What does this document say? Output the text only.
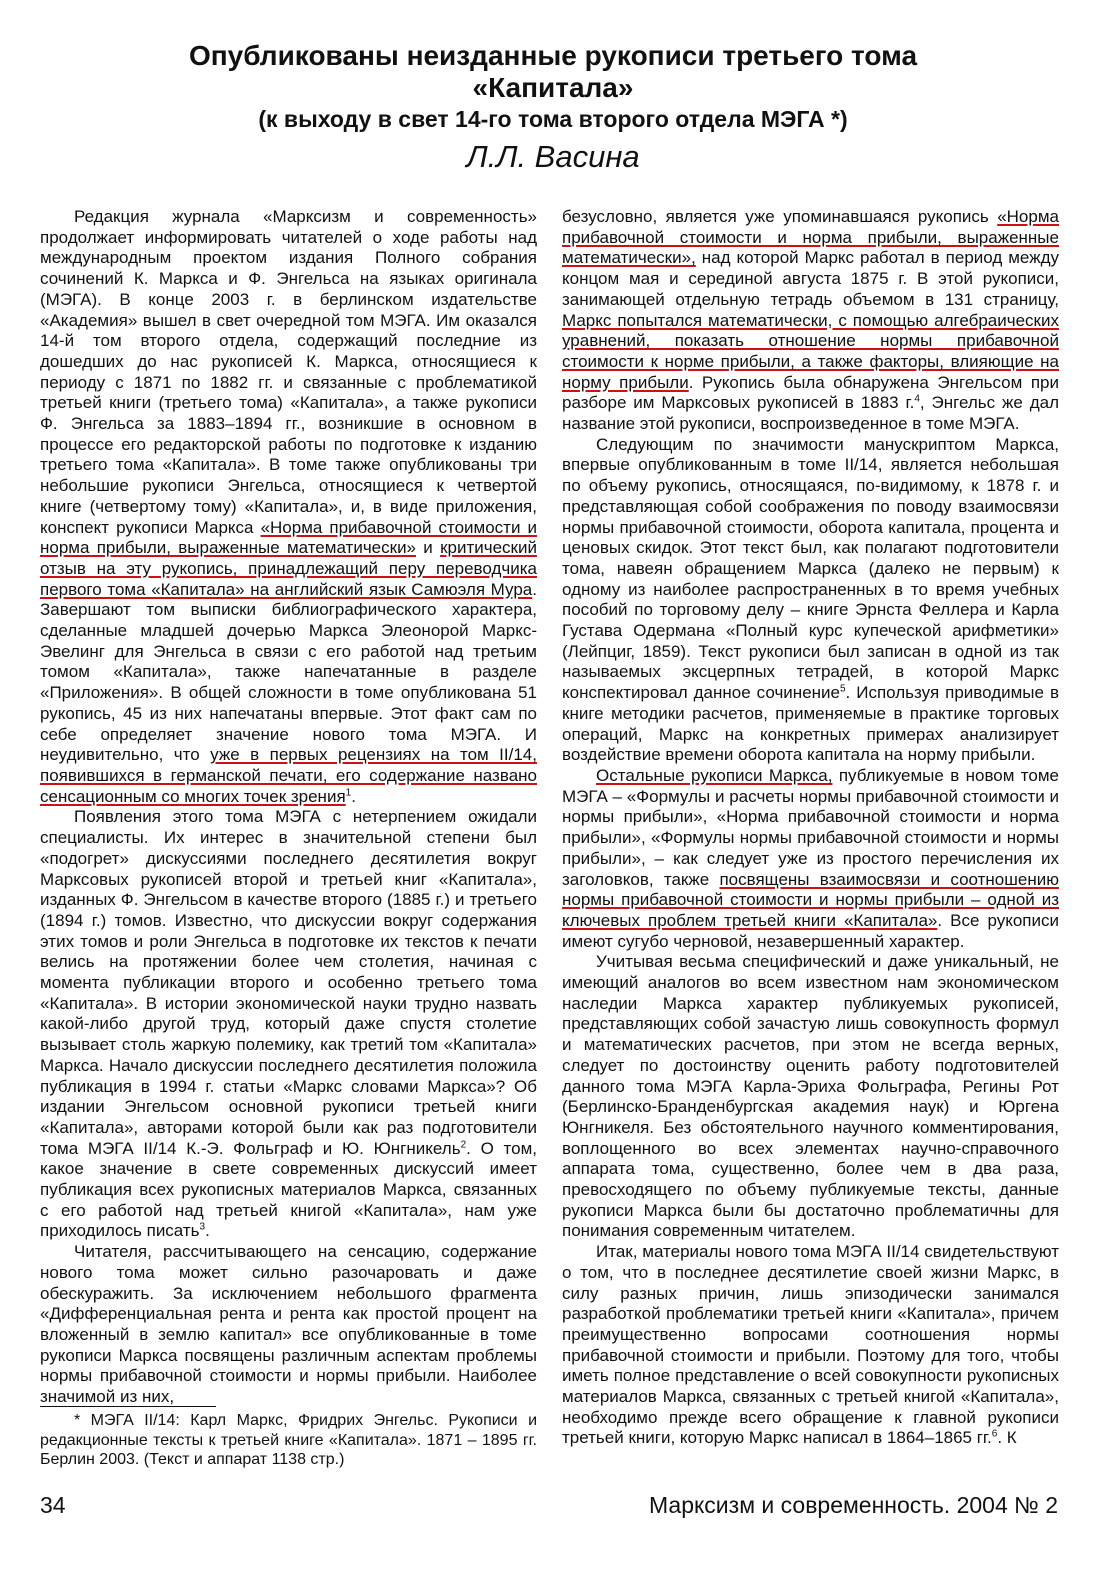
Опубликованы неизданные рукописи третьего тома
«Капитала»
(к выходу в свет 14-го тома второго отдела МЭГА *)
Л.Л. Васина

Редакция журнала «Марксизм и современность» продолжает информировать читателей о ходе работы над международным проектом издания Полного собрания сочинений К. Маркса и Ф. Энгельса на языках оригинала (МЭГА). В конце 2003 г. в берлинском издательстве «Академия» вышел в свет очередной том МЭГА. Им оказался 14-й том второго отдела, содержащий последние из дошедших до нас рукописей К. Маркса, относящиеся к периоду с 1871 по 1882 гг. и связанные с проблематикой третьей книги (третьего тома) «Капитала», а также рукописи Ф. Энгельса за 1883–1894 гг., возникшие в основном в процессе его редакторской работы по подготовке к изданию третьего тома «Капитала». В томе также опубликованы три небольшие рукописи Энгельса, относящиеся к четвертой книге (четвертому тому) «Капитала», и, в виде приложения, конспект рукописи Маркса «Норма прибавочной стоимости и норма прибыли, выраженные математически» и критический отзыв на эту рукопись, принадлежащий перу переводчика первого тома «Капитала» на английский язык Самюэля Мура. Завершают том выписки библиографического характера, сделанные младшей дочерью Маркса Элеонорой Маркс-Эвелинг для Энгельса в связи с его работой над третьим томом «Капитала», также напечатанные в разделе «Приложения». В общей сложности в томе опубликована 51 рукопись, 45 из них напечатаны впервые. Этот факт сам по себе определяет значение нового тома МЭГА. И неудивительно, что уже в первых рецензиях на том II/14, появившихся в германской печати, его содержание названо сенсационным со многих точек зрения$^1$.

Появления этого тома МЭГА с нетерпением ожидали специалисты. Их интерес в значительной степени был «подогрет» дискуссиями последнего десятилетия вокруг Марксовых рукописей второй и третьей книг «Капитала», изданных Ф. Энгельсом в качестве второго (1885 г.) и третьего (1894 г.) томов. Известно, что дискуссии вокруг содержания этих томов и роли Энгельса в подготовке их текстов к печати велись на протяжении более чем столетия, начиная с момента публикации второго и особенно третьего тома «Капитала». В истории экономической науки трудно назвать какой-либо другой труд, который даже спустя столетие вызывает столь жаркую полемику, как третий том «Капитала» Маркса. Начало дискуссии последнего десятилетия положила публикация в 1994 г. статьи «Маркс словами Маркса»? Об издании Энгельсом основной рукописи третьей книги «Капитала», авторами которой были как раз подготовители тома МЭГА II/14 К.-Э. Фольграф и Ю. Юнгникель$^2$. О том, какое значение в свете современных дискуссий имеет публикация всех рукописных материалов Маркса, связанных с его работой над третьей книгой «Капитала», нам уже приходилось писать$^3$.

Читателя, рассчитывающего на сенсацию, содержание нового тома может сильно разочаровать и даже обескуражить. За исключением небольшого фрагмента «Дифференциальная рента и рента как простой процент на вложенный в землю капитал» все опубликованные в томе рукописи Маркса посвящены различным аспектам проблемы нормы прибавочной стоимости и нормы прибыли. Наиболее значимой из них,

безусловно, является уже упоминавшаяся рукопись «Норма прибавочной стоимости и норма прибыли, выраженные математически», над которой Маркс работал в период между концом мая и серединой августа 1875 г. В этой рукописи, занимающей отдельную тетрадь объемом в 131 страницу, Маркс попытался математически, с помощью алгебраических уравнений, показать отношение нормы прибавочной стоимости к норме прибыли, а также факторы, влияющие на норму прибыли. Рукопись была обнаружена Энгельсом при разборе им Марксовых рукописей в 1883 г.$^4$, Энгельс же дал название этой рукописи, воспроизведенное в томе МЭГА.

Следующим по значимости манускриптом Маркса, впервые опубликованным в томе II/14, является небольшая по объему рукопись, относящаяся, по-видимому, к 1878 г. и представляющая собой соображения по поводу взаимосвязи нормы прибавочной стоимости, оборота капитала, процента и ценовых скидок. Этот текст был, как полагают подготовители тома, навеян обращением Маркса (далеко не первым) к одному из наиболее распространенных в то время учебных пособий по торговому делу – книге Эрнста Феллера и Карла Густава Одермана «Полный курс купеческой арифметики» (Лейпциг, 1859). Текст рукописи был записан в одной из так называемых эксцерпных тетрадей, в которой Маркс конспектировал данное сочинение$^5$. Используя приводимые в книге методики расчетов, применяемые в практике торговых операций, Маркс на конкретных примерах анализирует воздействие времени оборота капитала на норму прибыли.

Остальные рукописи Маркса, публикуемые в новом томе МЭГА – «Формулы и расчеты нормы прибавочной стоимости и нормы прибыли», «Норма прибавочной стоимости и норма прибыли», «Формулы нормы прибавочной стоимости и нормы прибыли», – как следует уже из простого перечисления их заголовков, также посвящены взаимосвязи и соотношению нормы прибавочной стоимости и нормы прибыли – одной из ключевых проблем третьей книги «Капитала». Все рукописи имеют сугубо черновой, незавершенный характер.

Учитывая весьма специфический и даже уникальный, не имеющий аналогов во всем известном нам экономическом наследии Маркса характер публикуемых рукописей, представляющих собой зачастую лишь совокупность формул и математических расчетов, при этом не всегда верных, следует по достоинству оценить работу подготовителей данного тома МЭГА Карла-Эриха Фольграфа, Регины Рот (Берлинско-Бранденбургская академия наук) и Юргена Юнгникеля. Без обстоятельного научного комментирования, воплощенного во всех элементах научно-справочного аппарата тома, существенно, более чем в два раза, превосходящего по объему публикуемые тексты, данные рукописи Маркса были бы достаточно проблематичны для понимания современным читателем.

Итак, материалы нового тома МЭГА II/14 свидетельствуют о том, что в последнее десятилетие своей жизни Маркс, в силу разных причин, лишь эпизодически занимался разработкой проблематики третьей книги «Капитала», причем преимущественно вопросами соотношения нормы прибавочной стоимости и прибыли. Поэтому для того, чтобы иметь полное представление о всей совокупности рукописных материалов Маркса, связанных с третьей книгой «Капитала», необходимо прежде всего обращение к главной рукописи третьей книги, которую Маркс написал в 1864–1865 гг.$^6$. К

* МЭГА II/14: Карл Маркс, Фридрих Энгельс. Рукописи и редакционные тексты к третьей книге «Капитала». 1871 – 1895 гг. Берлин 2003. (Текст и аппарат 1138 стр.)
34	Марксизм и современность. 2004 № 2
